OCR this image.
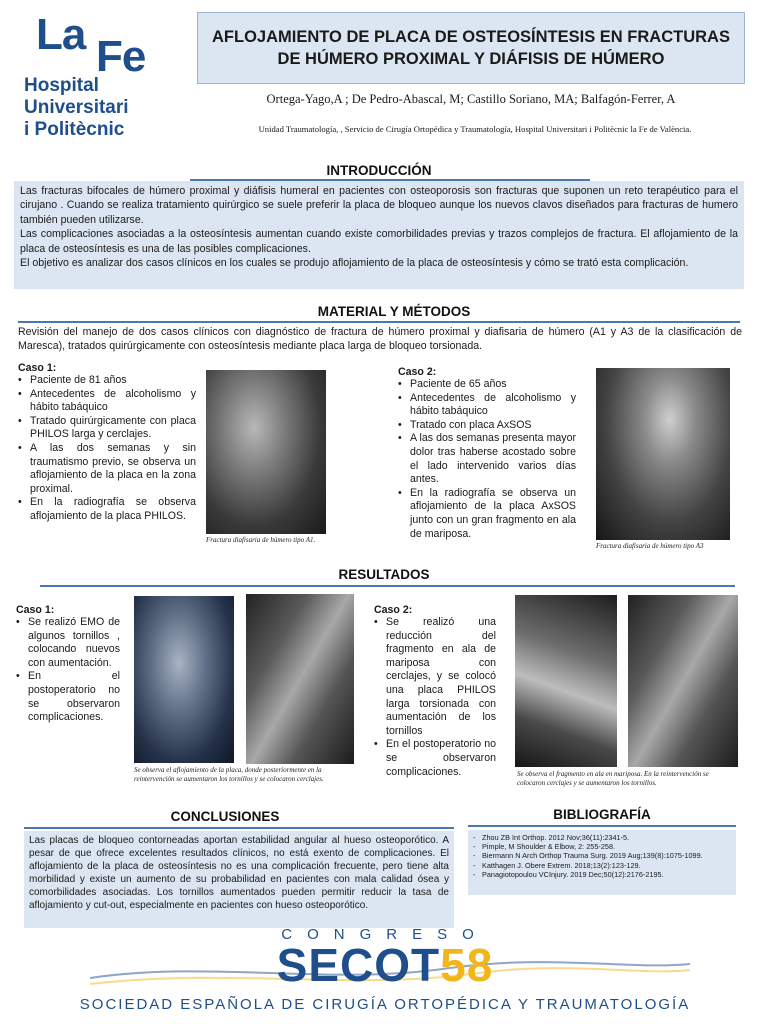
La Fe
Hospital
Universitari
i Politècnic
AFLOJAMIENTO DE PLACA DE OSTEOSÍNTESIS EN FRACTURAS DE HÚMERO PROXIMAL Y DIÁFISIS DE HÚMERO
Ortega-Yago,A ; De Pedro-Abascal, M; Castillo Soriano, MA; Balfagón-Ferrer, A
Unidad Traumatología, , Servicio de Cirugía Ortopédica y Traumatología, Hospital Universitari i Politècnic la Fe de València.
INTRODUCCIÓN
Las fracturas bifocales de húmero proximal y diáfisis humeral en pacientes con osteoporosis son fracturas que suponen un reto terapéutico para el cirujano . Cuando se realiza tratamiento quirúrgico se suele preferir la placa de bloqueo aunque los nuevos clavos diseñados para fracturas de humero también pueden utilizarse.
Las complicaciones asociadas a la osteosíntesis aumentan cuando existe comorbilidades previas y trazos complejos de fractura. El aflojamiento de la placa de osteosíntesis es una de las posibles complicaciones.
El objetivo es analizar dos casos clínicos en los cuales se produjo aflojamiento de la placa de osteosíntesis y cómo se trató esta complicación.
MATERIAL Y MÉTODOS
Revisión del manejo de dos casos clínicos con diagnóstico de fractura de húmero proximal y diafisaria de húmero (A1 y A3 de la clasificación de Maresca), tratados quirúrgicamente con osteosíntesis mediante placa larga de bloqueo torsionada.
Caso 1:
• Paciente de 81 años
• Antecedentes de alcoholismo y hábito tabáquico
• Tratado quirúrgicamente con placa PHILOS larga y cerclajes.
• A las dos semanas y sin traumatismo previo, se observa un aflojamiento de la placa en la zona proximal.
• En la radiografía se observa aflojamiento de la placa PHILOS.
Fractura diafisaria de húmero tipo A1.
Caso 2:
• Paciente de 65 años
• Antecedentes de alcoholismo y hábito tabáquico
• Tratado con placa AxSOS
• A las dos semanas presenta mayor dolor tras haberse acostado sobre el lado intervenido varios días antes.
• En la radiografía se observa un aflojamiento de la placa AxSOS junto con un gran fragmento en ala de mariposa.
Fractura diafisaria de húmero tipo A3
RESULTADOS
Caso 1:
• Se realizó EMO de algunos tornillos , colocando nuevos con aumentación.
• En el postoperatorio no se observaron complicaciones.
Se observa el aflojamiento de la placa, donde posteriormente en la reintervención se aumentaron los tornillos y se colocaron cerclajes.
Caso 2:
• Se realizó una reducción del fragmento en ala de mariposa con cerclajes, y se colocó una placa PHILOS larga torsionada con aumentación de los tornillos
• En el postoperatorio no se observaron complicaciones.	Se observa el fragmento en ala en mariposa. En la reintervención se colocaron cerclajes y se aumentaron los tornillos.
CONCLUSIONES
Las placas de bloqueo contorneadas aportan estabilidad angular al hueso osteoporótico. A pesar de que ofrece excelentes resultados clínicos, no está exento de complicaciones. El aflojamiento de la placa de osteosíntesis no es una complicación frecuente, pero tiene alta morbilidad y existe un aumento de su probabilidad en pacientes con mala calidad ósea y comorbilidades asociadas. Los tornillos aumentados pueden permitir reducir la tasa de aflojamiento y cut-out, especialmente en pacientes con hueso osteoporótico.
BIBLIOGRAFÍA
- Zhou ZB Int Orthop. 2012 Nov;36(11):2341-5.
- Pimple, M Shoulder & Elbow, 2: 255-258.
- Biermann N Arch Orthop Trauma Surg. 2019 Aug;139(8):1075-1099.
- Katthagen J. Obere Extrem. 2018;13(2):123-129.
- Panagiotopoulou VCInjury. 2019 Dec;50(12):2176-2195.
CONGRESO
SECOT58
SOCIEDAD ESPAÑOLA DE CIRUGÍA ORTOPÉDICA Y TRAUMATOLOGÍA
